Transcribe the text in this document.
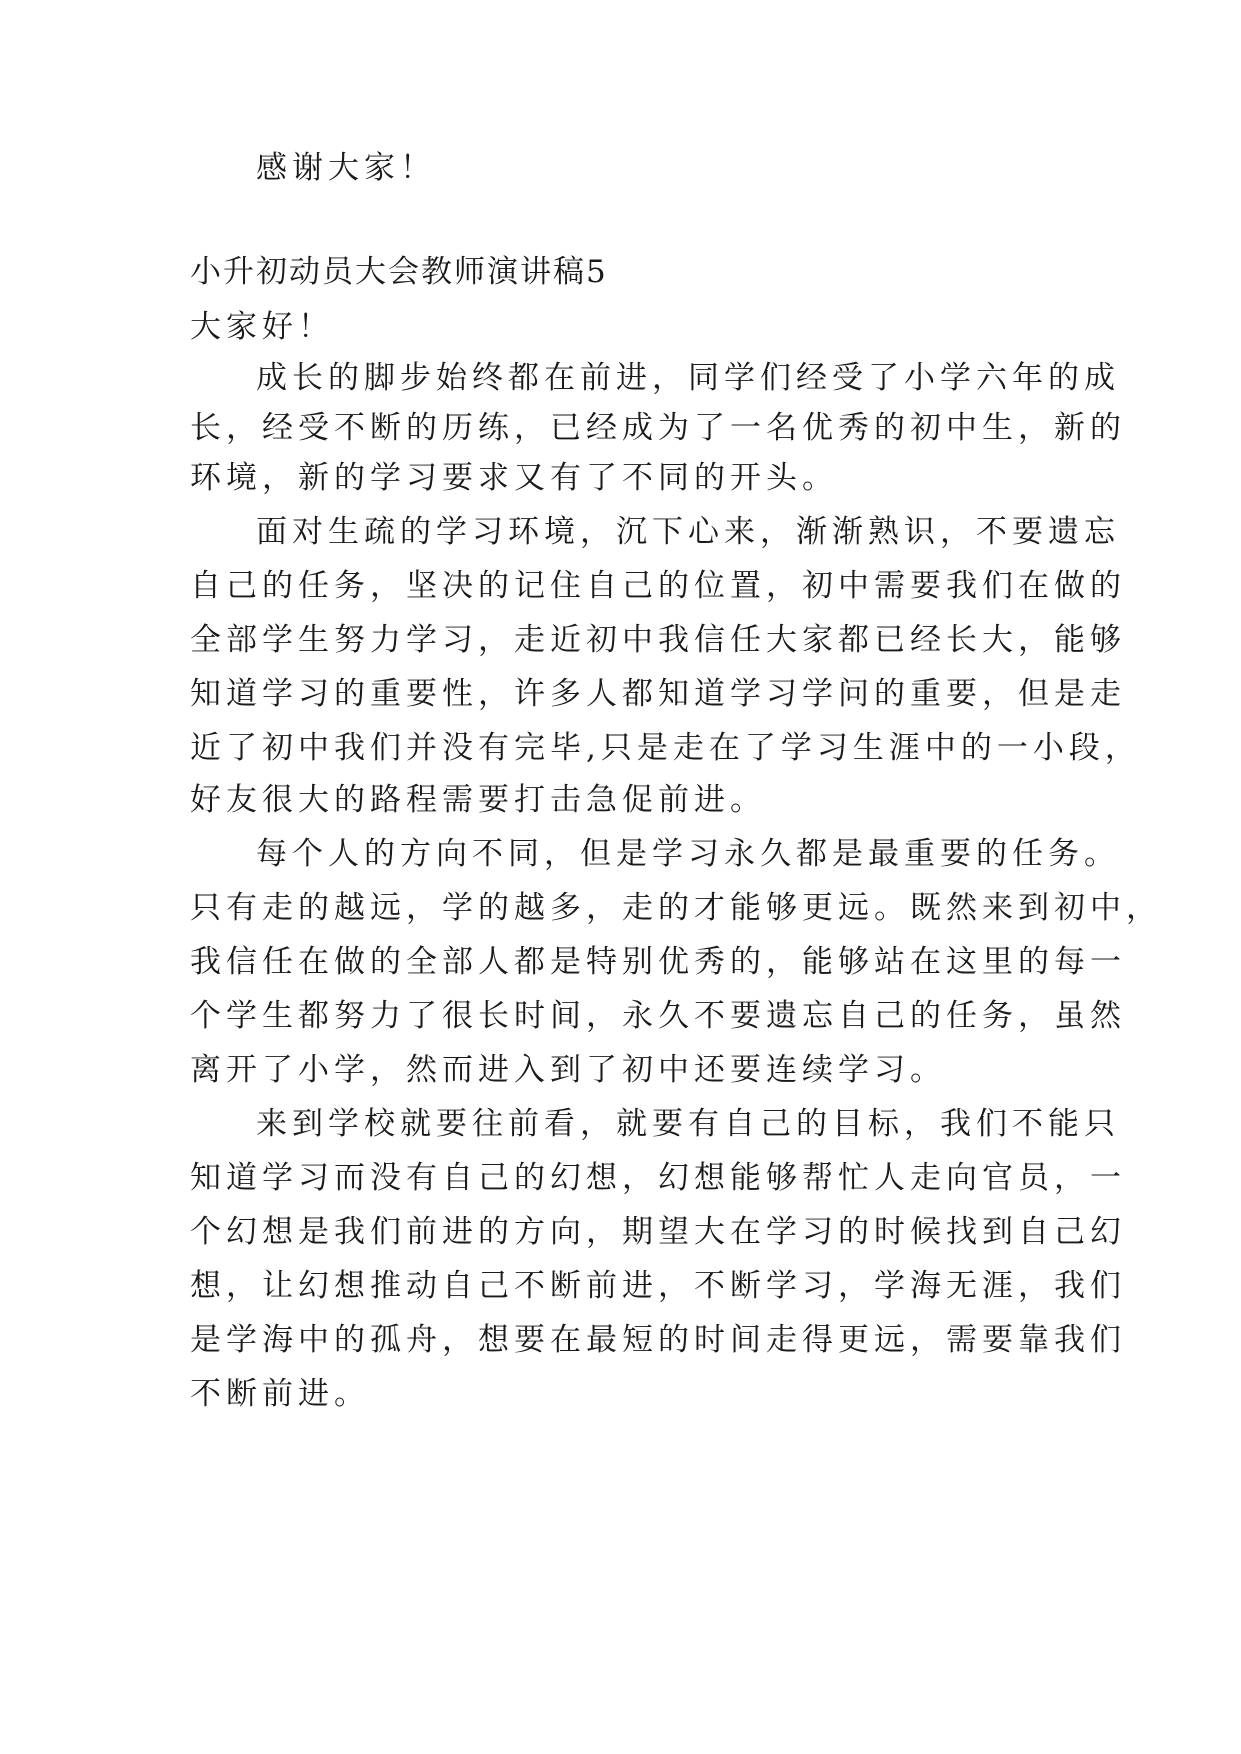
感谢大家！
小升初动员大会教师演讲稿5
大家好！
成长的脚步始终都在前进，同学们经受了小学六年的成
长，经受不断的历练，已经成为了一名优秀的初中生，新的
环境，新的学习要求又有了不同的开头。
面对生疏的学习环境，沉下心来，渐渐熟识，不要遗忘
自己的任务，坚决的记住自己的位置，初中需要我们在做的
全部学生努力学习，走近初中我信任大家都已经长大，能够
知道学习的重要性，许多人都知道学习学问的重要，但是走
近了初中我们并没有完毕,只是走在了学习生涯中的一小段，
好友很大的路程需要打击急促前进。
每个人的方向不同，但是学习永久都是最重要的任务。
只有走的越远，学的越多，走的才能够更远。既然来到初中，
我信任在做的全部人都是特别优秀的，能够站在这里的每一
个学生都努力了很长时间，永久不要遗忘自己的任务，虽然
离开了小学，然而进入到了初中还要连续学习。
来到学校就要往前看，就要有自己的目标，我们不能只
知道学习而没有自己的幻想，幻想能够帮忙人走向官员，一
个幻想是我们前进的方向，期望大在学习的时候找到自己幻
想，让幻想推动自己不断前进，不断学习，学海无涯，我们
是学海中的孤舟，想要在最短的时间走得更远，需要靠我们
不断前进。
